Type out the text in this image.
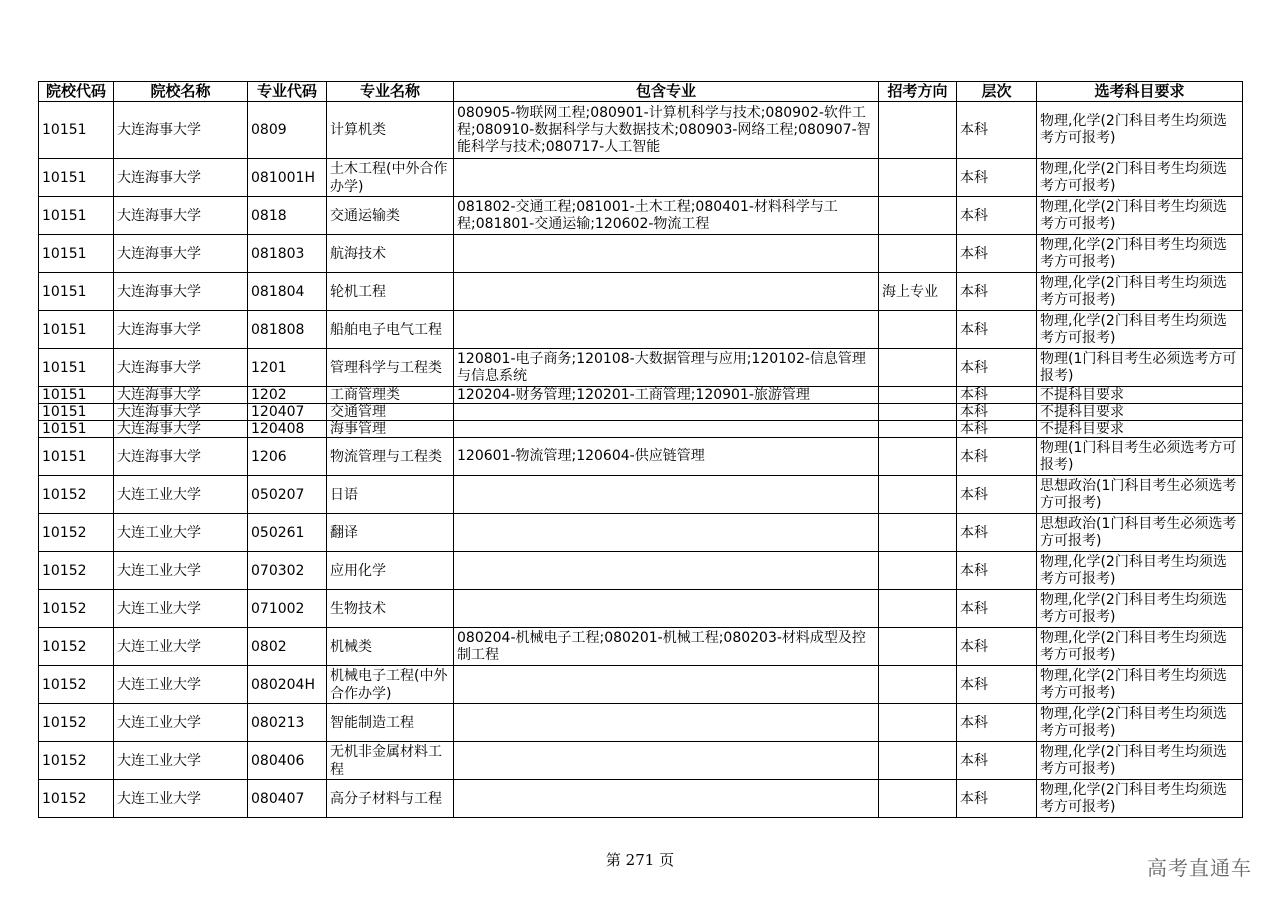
院校代码	院校名称	专业代码	专业名称	包含专业	招考方向	层次	选考科目要求
10151	大连海事大学	0809	计算机类	080905-物联网工程;080901-计算机科学与技术;080902-软件工程;080910-数据科学与大数据技术;080903-网络工程;080907-智能科学与技术;080717-人工智能		本科	物理,化学(2门科目考生均须选考方可报考)
10151	大连海事大学	081001H	土木工程(中外合作办学)			本科	物理,化学(2门科目考生均须选考方可报考)
10151	大连海事大学	0818	交通运输类	081802-交通工程;081001-土木工程;080401-材料科学与工程;081801-交通运输;120602-物流工程		本科	物理,化学(2门科目考生均须选考方可报考)
10151	大连海事大学	081803	航海技术			本科	物理,化学(2门科目考生均须选考方可报考)
10151	大连海事大学	081804	轮机工程		海上专业	本科	物理,化学(2门科目考生均须选考方可报考)
10151	大连海事大学	081808	船舶电子电气工程			本科	物理,化学(2门科目考生均须选考方可报考)
10151	大连海事大学	1201	管理科学与工程类	120801-电子商务;120108-大数据管理与应用;120102-信息管理与信息系统		本科	物理(1门科目考生必须选考方可报考)
10151	大连海事大学	1202	工商管理类	120204-财务管理;120201-工商管理;120901-旅游管理		本科	不提科目要求
10151	大连海事大学	120407	交通管理			本科	不提科目要求
10151	大连海事大学	120408	海事管理			本科	不提科目要求
10151	大连海事大学	1206	物流管理与工程类	120601-物流管理;120604-供应链管理		本科	物理(1门科目考生必须选考方可报考)
10152	大连工业大学	050207	日语			本科	思想政治(1门科目考生必须选考方可报考)
10152	大连工业大学	050261	翻译			本科	思想政治(1门科目考生必须选考方可报考)
10152	大连工业大学	070302	应用化学			本科	物理,化学(2门科目考生均须选考方可报考)
10152	大连工业大学	071002	生物技术			本科	物理,化学(2门科目考生均须选考方可报考)
10152	大连工业大学	0802	机械类	080204-机械电子工程;080201-机械工程;080203-材料成型及控制工程		本科	物理,化学(2门科目考生均须选考方可报考)
10152	大连工业大学	080204H	机械电子工程(中外合作办学)			本科	物理,化学(2门科目考生均须选考方可报考)
10152	大连工业大学	080213	智能制造工程			本科	物理,化学(2门科目考生均须选考方可报考)
10152	大连工业大学	080406	无机非金属材料工程			本科	物理,化学(2门科目考生均须选考方可报考)
10152	大连工业大学	080407	高分子材料与工程			本科	物理,化学(2门科目考生均须选考方可报考)
第 271 页	高考直通车
